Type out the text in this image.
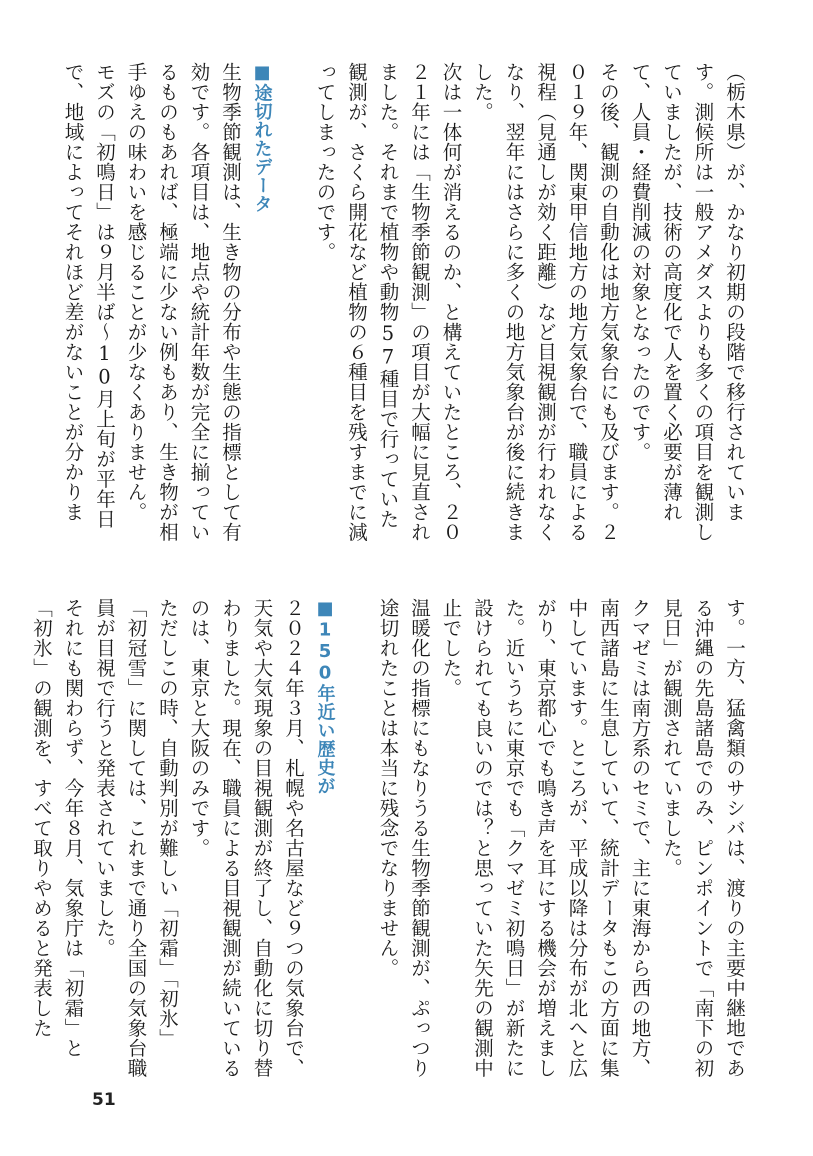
（栃木県）が、かなり初期の段階で移行されています。測候所は一般アメダスよりも多くの項目を観測していましたが、技術の高度化で人を置く必要が薄れて、人員・経費削減の対象となったのです。

その後、観測の自動化は地方気象台にも及びます。２０１９年、関東甲信地方の地方気象台で、職員による視程（見通しが効く距離）など目視観測が行われなくなり、翌年にはさらに多くの地方気象台が後に続きました。

次は一体何が消えるのか、と構えていたところ、２０２１年には「生物季節観測」の項目が大幅に見直されました。それまで植物や動物57種目で行っていた観測が、さくら開花など植物の６種目を残すまでに減ってしまったのです。

■途切れたデータ

生物季節観測は、生き物の分布や生態の指標として有効です。各項目は、地点や統計年数が完全に揃っているものもあれば、極端に少ない例もあり、生き物が相手ゆえの味わいを感じることが少なくありません。

モズの「初鳴日」は９月半ば～10月上旬が平年日で、地域によってそれほど差がないことが分かりま

す。一方、猛禽類のサシバは、渡りの主要中継地である沖縄の先島諸島でのみ、ピンポイントで「南下の初見日」が観測されていました。

クマゼミは南方系のセミで、主に東海から西の地方、南西諸島に生息していて、統計データもこの方面に集中しています。ところが、平成以降は分布が北へと広がり、東京都心でも鳴き声を耳にする機会が増えました。近いうちに東京でも「クマゼミ初鳴日」が新たに設けられても良いのでは？と思っていた矢先の観測中止でした。

温暖化の指標にもなりうる生物季節観測が、ぷっつり途切れたことは本当に残念でなりません。

■150年近い歴史が

２０２４年３月、札幌や名古屋など９つの気象台で、天気や大気現象の目視観測が終了し、自動化に切り替わりました。現在、職員による目視観測が続いているのは、東京と大阪のみです。

ただしこの時、自動判別が難しい「初霜」「初氷」「初冠雪」に関しては、これまで通り全国の気象台職員が目視で行うと発表されていました。

それにも関わらず、今年８月、気象庁は「初霜」と「初氷」の観測を、すべて取りやめると発表した

51
